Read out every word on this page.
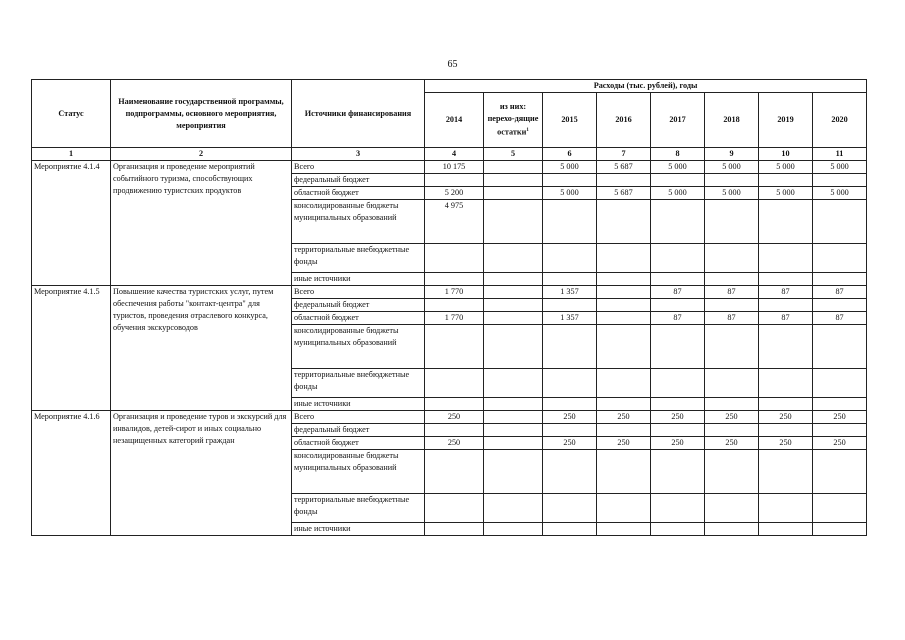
65
Статус	Наименование государственной программы, подпрограммы, основного мероприятия, мероприятия	Источники финансирования	Расходы (тыс. рублей), годы							
			2014	из них: перехо-дящие остатки$^1$	2015	2016	2017	2018	2019	2020
1	2	3	4	5	6	7	8	9	10	11
Мероприятие 4.1.4	Организация и проведение мероприятий событийного туризма, способствующих продвижению туристских продуктов	Всего	10 175		5 000	5 687	5 000	5 000	5 000	5 000
		федеральный бюджет								
		областной бюджет	5 200		5 000	5 687	5 000	5 000	5 000	5 000
		консолидированные бюджеты муниципальных образований	4 975							
		территориальные внебюджетные фонды								
		иные источники								
Мероприятие 4.1.5	Повышение качества туристских услуг, путем обеспечения работы "контакт-центра" для туристов, проведения отраслевого конкурса, обучения экскурсоводов	Всего	1 770		1 357		87	87	87	87
		федеральный бюджет								
		областной бюджет	1 770		1 357		87	87	87	87
		консолидированные бюджеты муниципальных образований								
		территориальные внебюджетные фонды								
		иные источники								
Мероприятие 4.1.6	Организация и проведение туров и экскурсий для инвалидов, детей-сирот и иных социально незащищенных категорий граждан	Всего	250		250	250	250	250	250	250
		федеральный бюджет								
		областной бюджет	250		250	250	250	250	250	250
		консолидированные бюджеты муниципальных образований								
		территориальные внебюджетные фонды								
		иные источники								
